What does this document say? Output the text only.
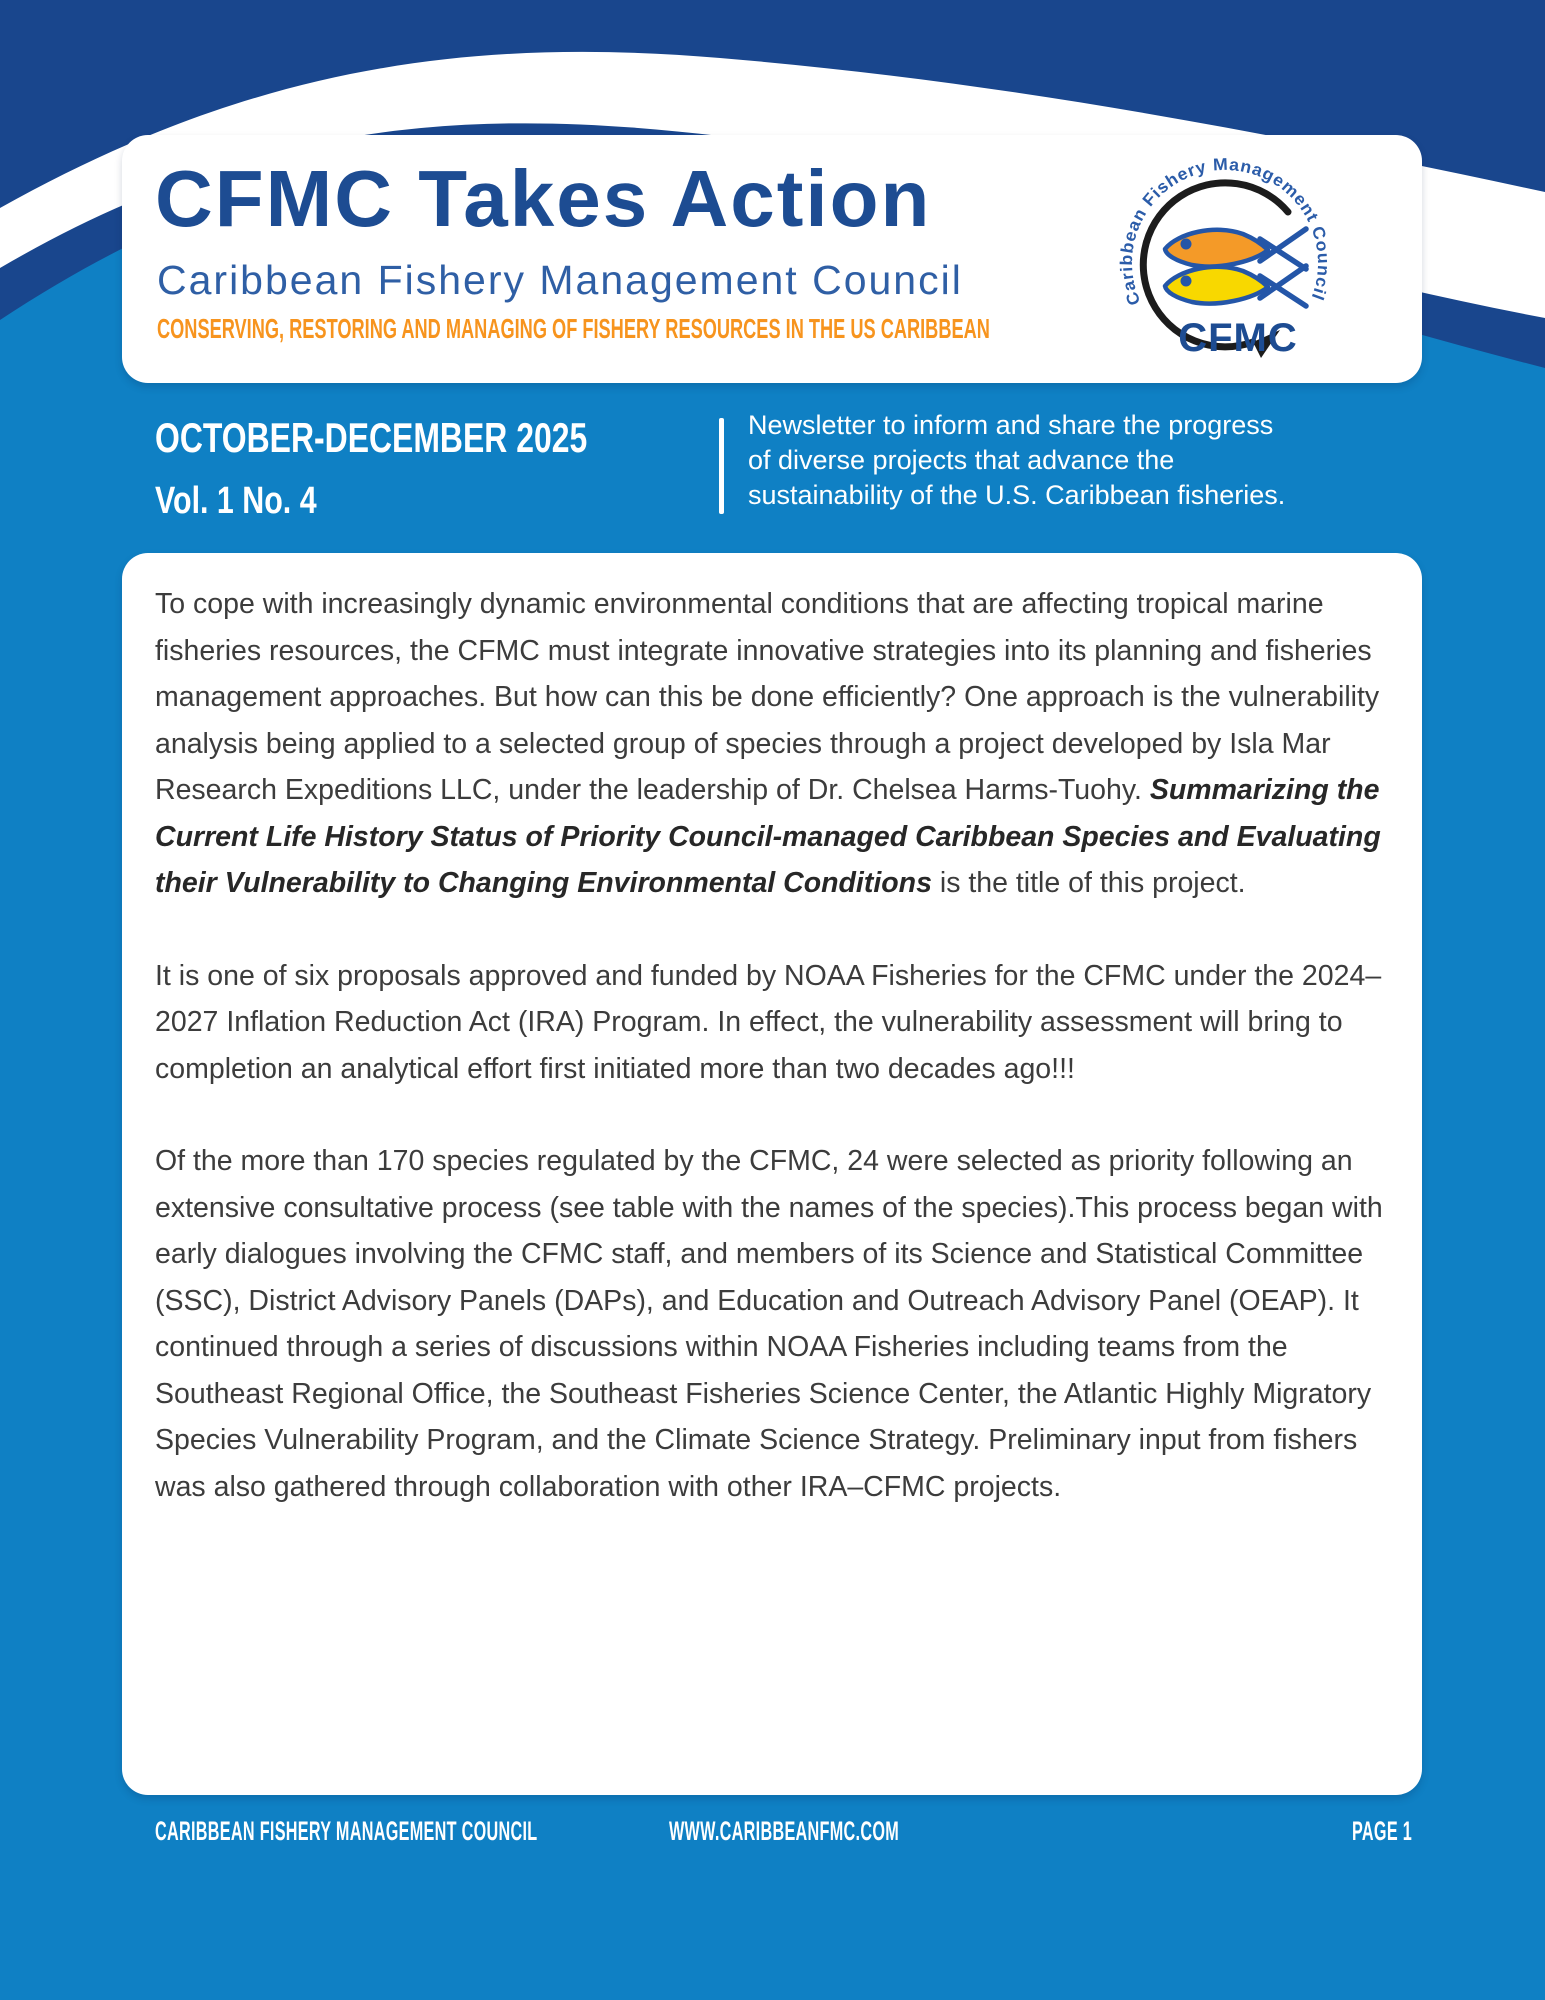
CFMC Takes Action
Caribbean Fishery Management Council
CONSERVING, RESTORING AND MANAGING OF FISHERY RESOURCES IN THE US CARIBBEAN
Caribbean Fishery Management Council
CFMC
OCTOBER-DECEMBER 2025
Vol. 1 No. 4
Newsletter to inform and share the progress of diverse projects that advance the sustainability of the U.S. Caribbean fisheries.

To cope with increasingly dynamic environmental conditions that are affecting tropical marine fisheries resources, the CFMC must integrate innovative strategies into its planning and fisheries management approaches. But how can this be done efficiently? One approach is the vulnerability analysis being applied to a selected group of species through a project developed by Isla Mar Research Expeditions LLC, under the leadership of Dr. Chelsea Harms-Tuohy. Summarizing the Current Life History Status of Priority Council-managed Caribbean Species and Evaluating their Vulnerability to Changing Environmental Conditions is the title of this project.

It is one of six proposals approved and funded by NOAA Fisheries for the CFMC under the 2024–2027 Inflation Reduction Act (IRA) Program. In effect, the vulnerability assessment will bring to completion an analytical effort first initiated more than two decades ago!!!

Of the more than 170 species regulated by the CFMC, 24 were selected as priority following an extensive consultative process (see table with the names of the species).This process began with early dialogues involving the CFMC staff, and members of its Science and Statistical Committee (SSC), District Advisory Panels (DAPs), and Education and Outreach Advisory Panel (OEAP). It continued through a series of discussions within NOAA Fisheries including teams from the Southeast Regional Office, the Southeast Fisheries Science Center, the Atlantic Highly Migratory Species Vulnerability Program, and the Climate Science Strategy. Preliminary input from fishers was also gathered through collaboration with other IRA–CFMC projects.

CARIBBEAN FISHERY MANAGEMENT COUNCIL	WWW.CARIBBEANFMC.COM	PAGE 1
